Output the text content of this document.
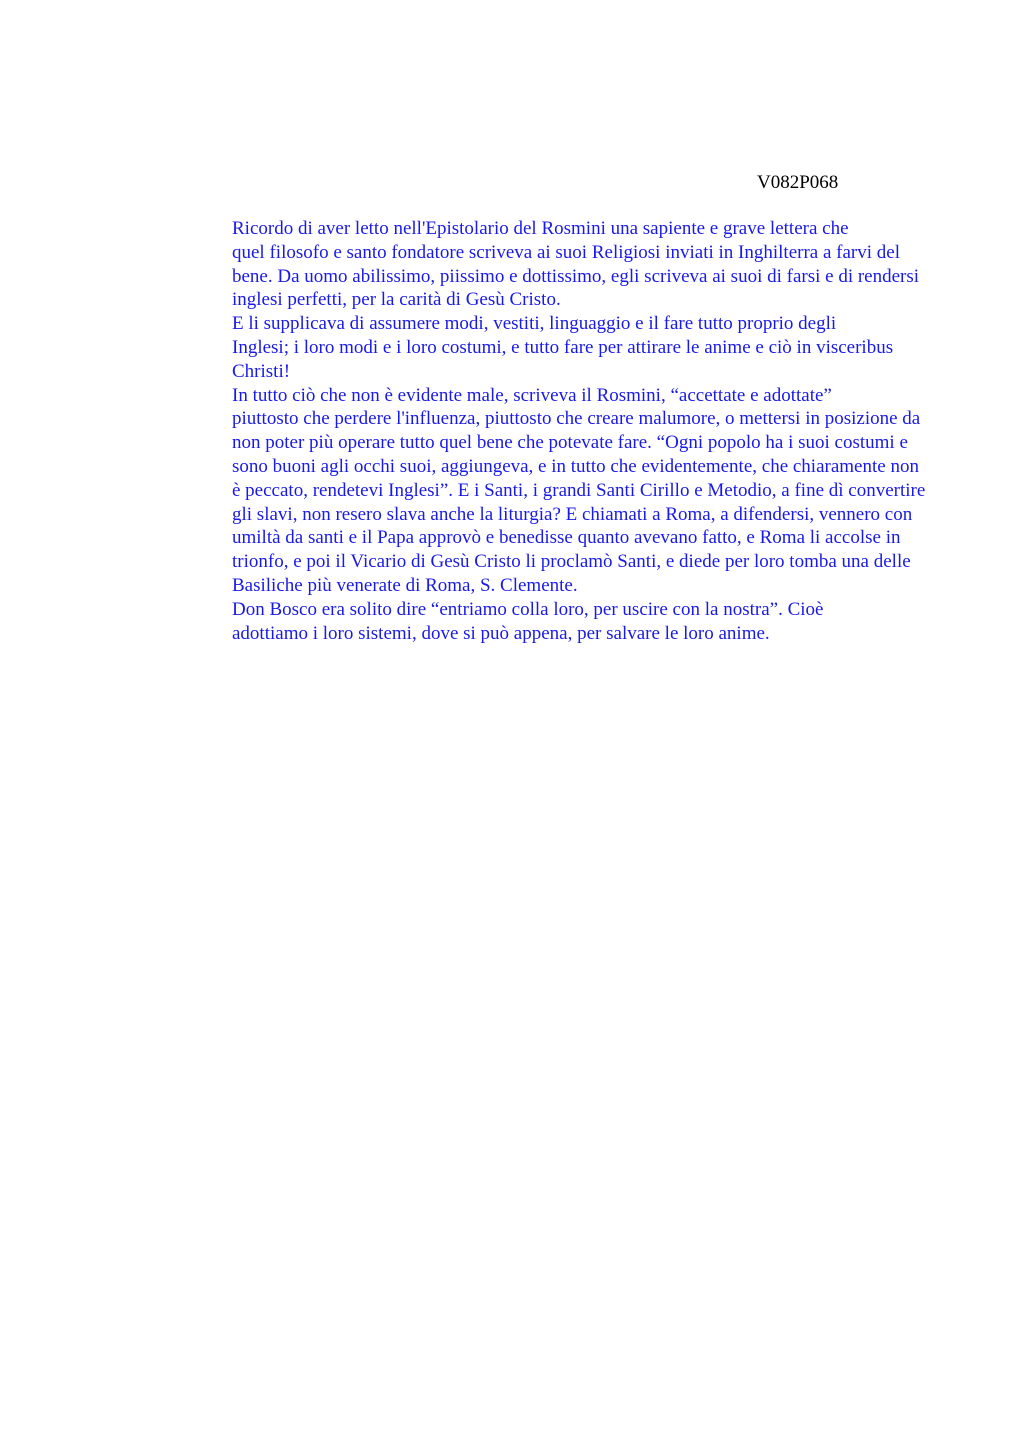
V082P068

Ricordo di aver letto nell'Epistolario del Rosmini una sapiente e grave lettera che
quel filosofo e santo fondatore scriveva ai suoi Religiosi inviati in Inghilterra a farvi del
bene. Da uomo abilissimo, piissimo e dottissimo, egli scriveva ai suoi di farsi e di rendersi
inglesi perfetti, per la carità di Gesù Cristo.

E li supplicava di assumere modi, vestiti, linguaggio e il fare tutto proprio degli
Inglesi; i loro modi e i loro costumi, e tutto fare per attirare le anime e ciò in visceribus
Christi!

In tutto ciò che non è evidente male, scriveva il Rosmini, “accettate e adottate”
piuttosto che perdere l'influenza, piuttosto che creare malumore, o mettersi in posizione da
non poter più operare tutto quel bene che potevate fare. “Ogni popolo ha i suoi costumi e
sono buoni agli occhi suoi, aggiungeva, e in tutto che evidentemente, che chiaramente non
è peccato, rendetevi Inglesi”. E i Santi, i grandi Santi Cirillo e Metodio, a fine dì convertire
gli slavi, non resero slava anche la liturgia? E chiamati a Roma, a difendersi, vennero con
umiltà da santi e il Papa approvò e benedisse quanto avevano fatto, e Roma li accolse in
trionfo, e poi il Vicario di Gesù Cristo li proclamò Santi, e diede per loro tomba una delle
Basiliche più venerate di Roma, S. Clemente.

Don Bosco era solito dire “entriamo colla loro, per uscire con la nostra”. Cioè
adottiamo i loro sistemi, dove si può appena, per salvare le loro anime.
